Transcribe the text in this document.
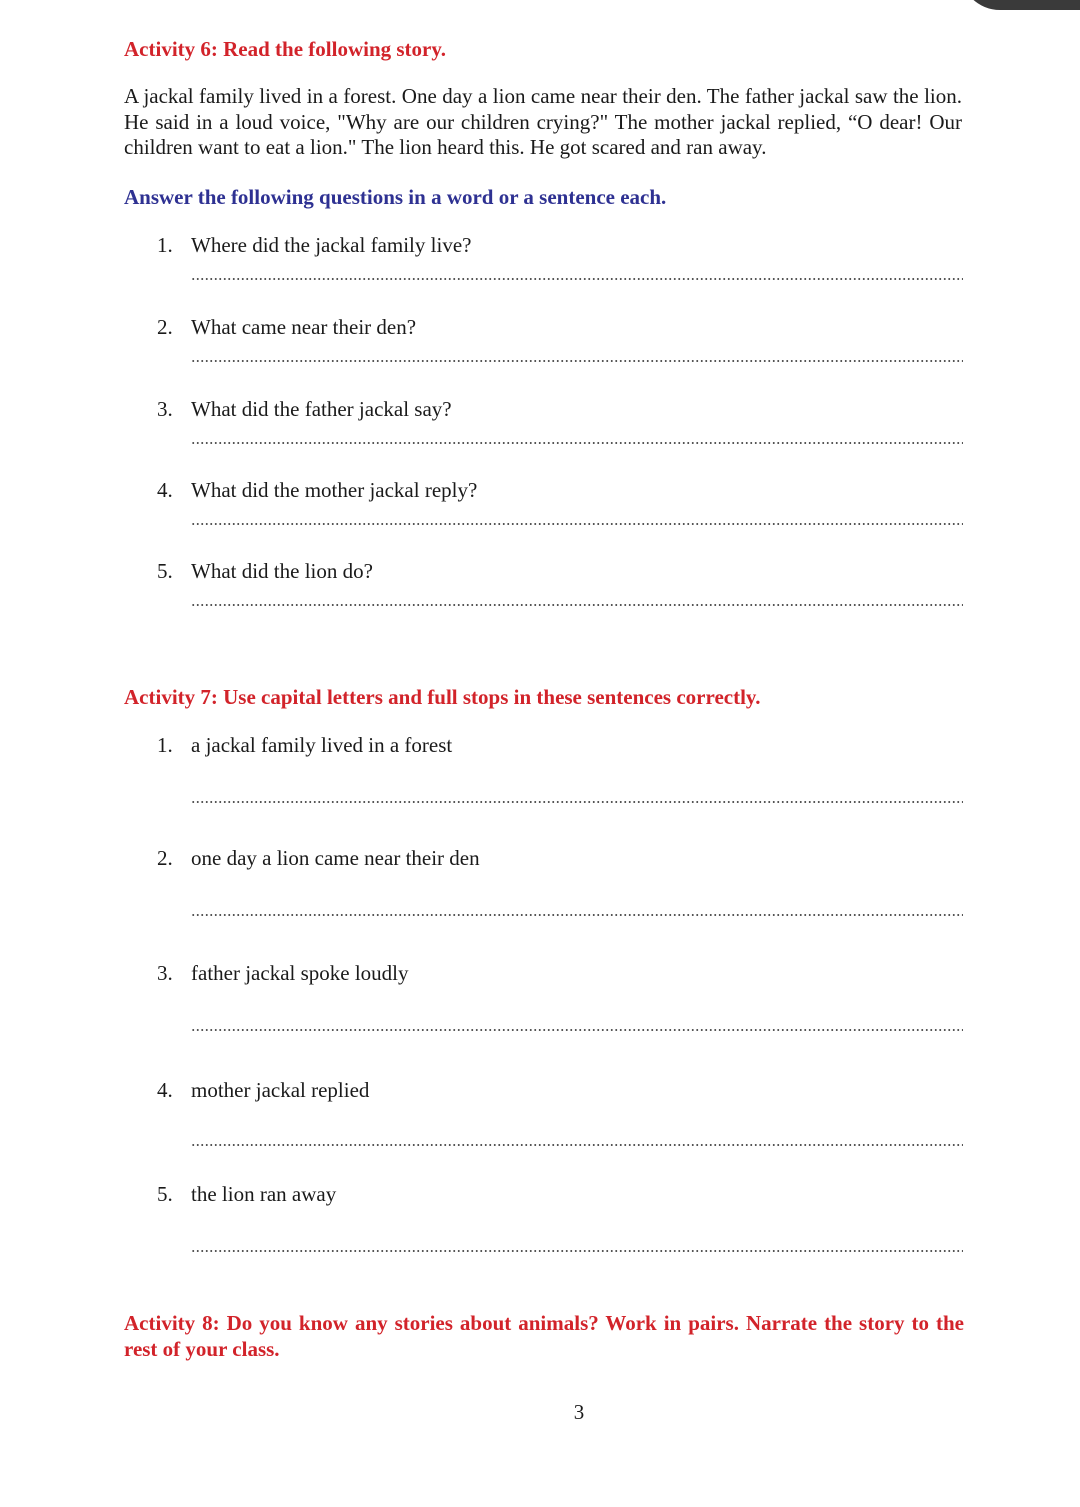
Activity 6: Read the following story.
A jackal family lived in a forest. One day a lion came near their den. The father jackal saw the lion. He said in a loud voice, "Why are our children crying?" The mother jackal replied, “O dear! Our children want to eat a lion." The lion heard this. He got scared and ran away.
Answer the following questions in a word or a sentence each.
1. Where did the jackal family live?
2. What came near their den?
3. What did the father jackal say?
4. What did the mother jackal reply?
5. What did the lion do?
Activity 7: Use capital letters and full stops in these sentences correctly.
1. a jackal family lived in a forest
2. one day a lion came near their den
3. father jackal spoke loudly
4. mother jackal replied
5. the lion ran away
Activity 8: Do you know any stories about animals? Work in pairs. Narrate the story to the rest of your class.
3
